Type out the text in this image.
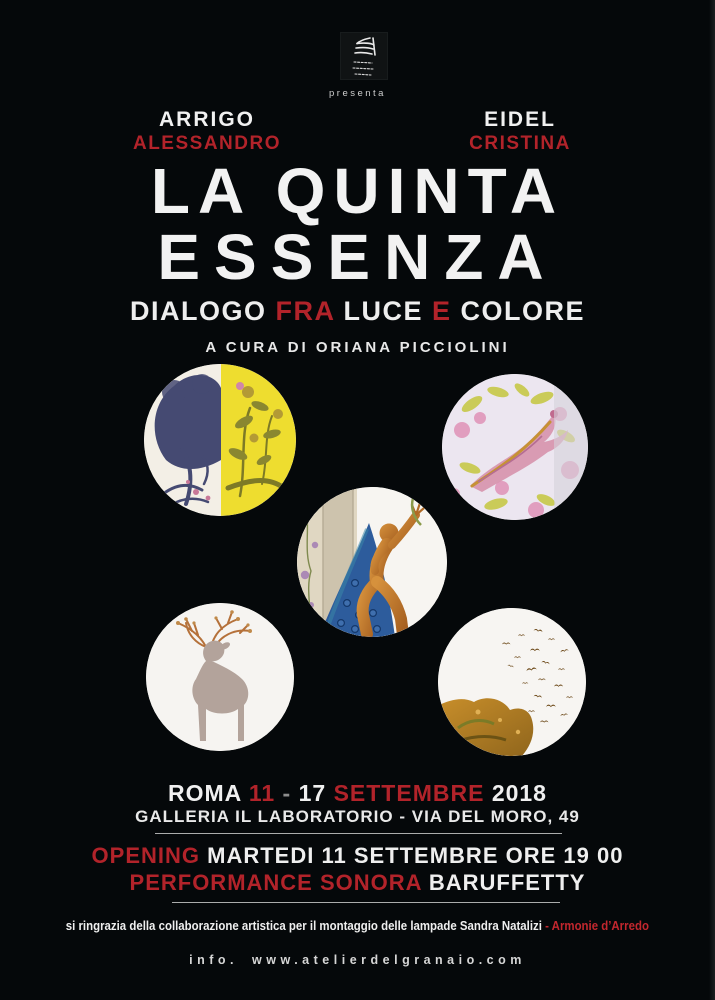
presenta
ARRIGO
ALESSANDRO
EIDEL
CRISTINA
LA QUINTA
ESSENZA
DIALOGO FRA LUCE E COLORE
A CURA DI ORIANA PICCIOLINI
ROMA 11 - 17 SETTEMBRE 2018
GALLERIA IL LABORATORIO - VIA DEL MORO, 49
OPENING MARTEDI 11 SETTEMBRE ORE 19 00
PERFORMANCE SONORA BARUFFETTY
si ringrazia della collaborazione artistica per il montaggio delle lampade Sandra Natalizi - Armonie d’Arredo
info. www.atelierdelgranaio.com
